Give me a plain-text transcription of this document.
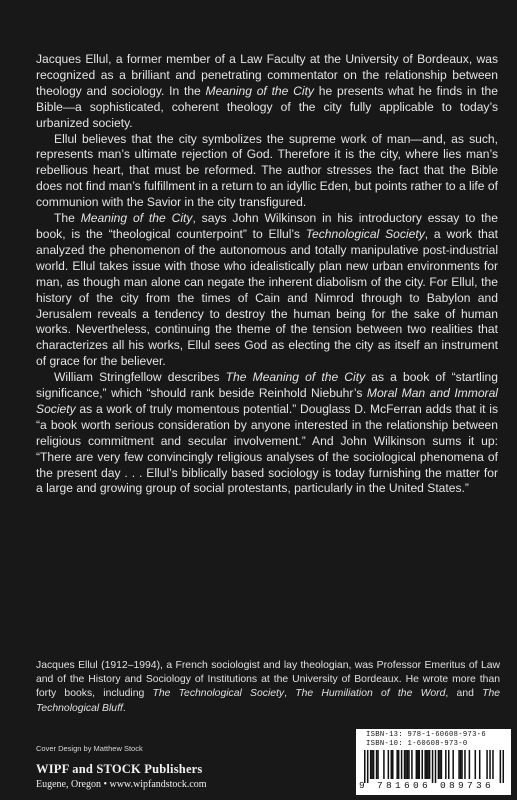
Jacques Ellul, a former member of a Law Faculty at the University of Bordeaux, was recognized as a brilliant and penetrating commentator on the relationship between theology and sociology. In the Meaning of the City he presents what he finds in the Bible—a sophisticated, coherent theology of the city fully applicable to today’s urbanized society.

Ellul believes that the city symbolizes the supreme work of man—and, as such, represents man’s ultimate rejection of God. Therefore it is the city, where lies man’s rebellious heart, that must be reformed. The author stresses the fact that the Bible does not find man’s fulfillment in a return to an idyllic Eden, but points rather to a life of communion with the Savior in the city transfigured.

The Meaning of the City, says John Wilkinson in his introductory essay to the book, is the “theological counterpoint” to Ellul’s Technological Society, a work that analyzed the phenomenon of the autonomous and totally manipulative post-industrial world. Ellul takes issue with those who idealistically plan new urban environments for man, as though man alone can negate the inherent diabolism of the city. For Ellul, the history of the city from the times of Cain and Nimrod through to Babylon and Jerusalem reveals a tendency to destroy the human being for the sake of human works. Nevertheless, continuing the theme of the tension between two realities that characterizes all his works, Ellul sees God as electing the city as itself an instrument of grace for the believer.

William Stringfellow describes The Meaning of the City as a book of “startling significance,” which “should rank beside Reinhold Niebuhr’s Moral Man and Immoral Society as a work of truly momentous potential.” Douglass D. McFerran adds that it is “a book worth serious consideration by anyone interested in the relationship between religious commitment and secular involvement.” And John Wilkinson sums it up: “There are very few convincingly religious analyses of the sociological phenomena of the present day . . . Ellul’s biblically based sociology is today furnishing the matter for a large and growing group of social protestants, particularly in the United States.”

Jacques Ellul (1912–1994), a French sociologist and lay theologian, was Professor Emeritus of Law and of the History and Sociology of Institutions at the University of Bordeaux. He wrote more than forty books, including The Technological Society, The Humiliation of the Word, and The Technological Bluff.
Cover Design by Matthew Stock
WIPF and STOCK Publishers
Eugene, Oregon • www.wipfandstock.com
ISBN-13: 978-1-60608-973-6
ISBN-10: 1-60608-973-0
9 781606 089736
